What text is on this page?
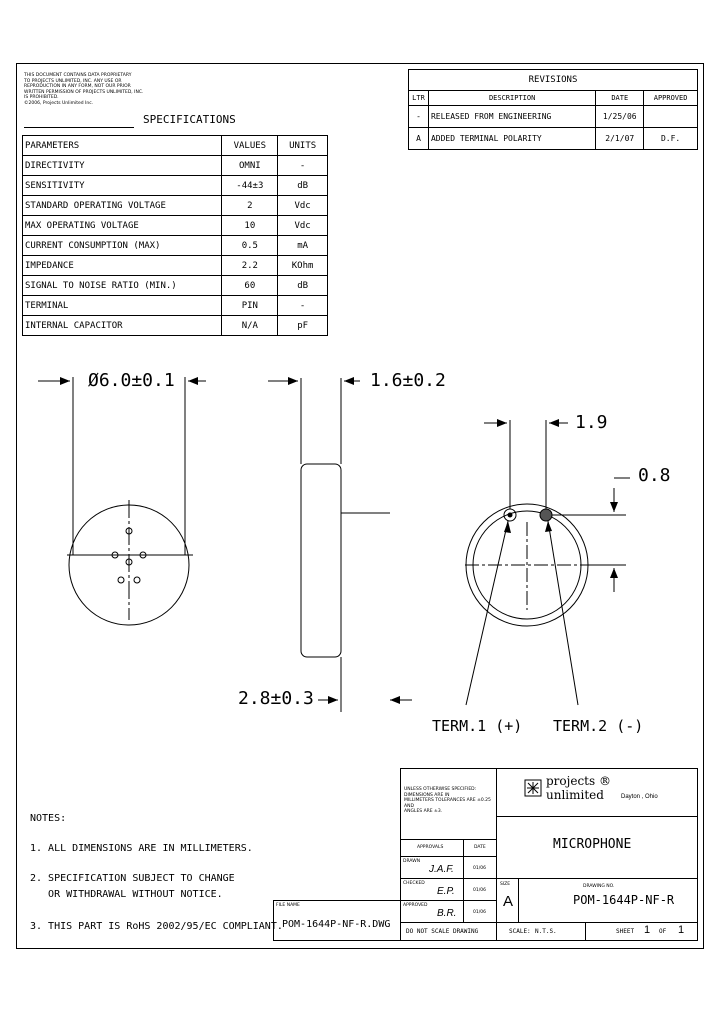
THIS DOCUMENT CONTAINS DATA PROPRIETARY
TO PROJECTS UNLIMITED, INC. ANY USE OR
REPRODUCTION IN ANY FORM, NOT OUR PRIOR
WRITTEN PERMISSION OF PROJECTS UNLIMITED, INC.
IS PROHIBITED.
©2006, Projects Unlimited Inc.
SPECIFICATIONS
PARAMETERS	VALUES	UNITS
DIRECTIVITY	OMNI	-
SENSITIVITY	-44±3	dB
STANDARD OPERATING VOLTAGE	2	Vdc
MAX OPERATING VOLTAGE	10	Vdc
CURRENT CONSUMPTION (MAX)	0.5	mA
IMPEDANCE	2.2	KOhm
SIGNAL TO NOISE RATIO (MIN.)	60	dB
TERMINAL	PIN	-
INTERNAL CAPACITOR	N/A	pF
REVISIONS			
LTR	DESCRIPTION	DATE	APPROVED
-	RELEASED FROM ENGINEERING	1/25/06	
A	ADDED TERMINAL POLARITY	2/1/07	D.F.
Ø6.0±0.1	1.6±0.2
1.9
0.8
2.8±0.3
TERM.1 (+) TERM.2 (-)
NOTES:
1. ALL DIMENSIONS ARE IN MILLIMETERS.
2. SPECIFICATION SUBJECT TO CHANGE
OR WITHDRAWAL WITHOUT NOTICE.
3. THIS PART IS RoHS 2002/95/EC COMPLIANT.
UNLESS OTHERWISE SPECIFIED:
DIMENSIONS ARE IN
MILLIMETERS TOLERANCES ARE ±0.25 AND
ANGLES ARE ±3.
projects ®
unlimited	Dayton , Ohio
MICROPHONE
APPROVALS	DATE
DRAWN
J.A.F.	01/06
CHECKED
E.P.	01/06
APPROVED
B.R.	01/06
FILE NAME
POM-1644P-NF-R.DWG
DO NOT SCALE DRAWING
SIZE
A
DRAWING NO.
POM-1644P-NF-R
SCALE: N.T.S.	SHEET 1 OF 1
